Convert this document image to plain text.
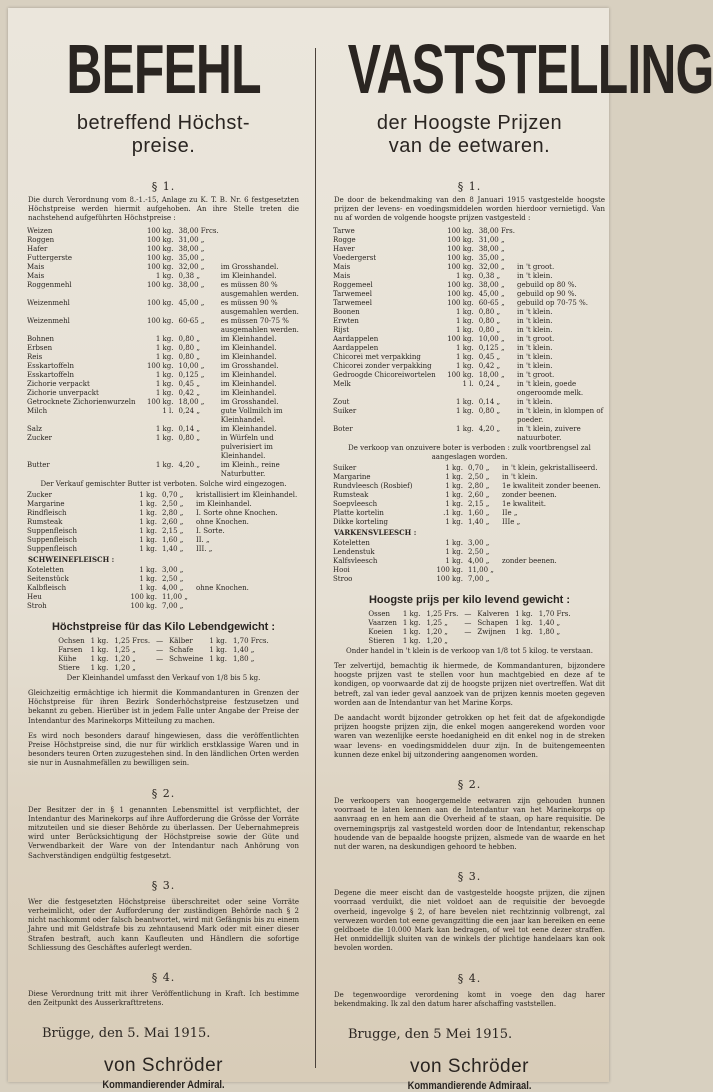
BEFEHL
betreffend Höchst-
preise.
§ 1.
Die durch Verordnung vom 8.-1.-15, Anlage zu K. T. B. Nr. 6 festgesetzten Höchstpreise werden hiermit aufgehoben. An ihre Stelle treten die nachstehend aufgeführten Höchstpreise :
Weizen	100 kg.	38,00 Frcs.	
Roggen	100 kg.	31,00 „	
Hafer	100 kg.	38,00 „	
Futtergerste	100 kg.	35,00 „	
Mais	100 kg.	32,00 „	im Grosshandel.
Mais	1 kg.	0,38 „	im Kleinhandel.
Roggenmehl	100 kg.	38,00 „	es müssen 80 % ausgemahlen werden.
Weizenmehl	100 kg.	45,00 „	es müssen 90 % ausgemahlen werden.
Weizenmehl	100 kg.	60-65 „	es müssen 70-75 % ausgemahlen werden.
Bohnen	1 kg.	0,80 „	im Kleinhandel.
Erbsen	1 kg.	0,80 „	im Kleinhandel.
Reis	1 kg.	0,80 „	im Kleinhandel.
Esskartoffeln	100 kg.	10,00 „	im Grosshandel.
Esskartoffeln	1 kg.	0,125 „	im Kleinhandel.
Zichorie verpackt	1 kg.	0,45 „	im Kleinhandel.
Zichorie unverpackt	1 kg.	0,42 „	im Kleinhandel.
Getrocknete Zichorienwurzeln	100 kg.	18,00 „	im Grosshandel.
Milch	1 l.	0,24 „	gute Vollmilch im Kleinhandel.
Salz	1 kg.	0,14 „	im Kleinhandel.
Zucker	1 kg.	0,80 „	in Würfeln und pulverisiert im Kleinhandel.
Butter	1 kg.	4,20 „	im Kleinh., reine Naturbutter.
Der Verkauf gemischter Butter ist verboten. Solche wird eingezogen.
Zucker	1 kg.	0,70 „	kristallisiert im Kleinhandel.
Margarine	1 kg.	2,50 „	im Kleinhandel.
Rindfleisch	1 kg.	2,80 „	I. Sorte ohne Knochen.
Rumsteak	1 kg.	2,60 „	ohne Knochen.
Suppenfleisch	1 kg.	2,15 „	I. Sorte.
Suppenfleisch	1 kg.	1,60 „	II. „
Suppenfleisch	1 kg.	1,40 „	III. „
SCHWEINEFLEISCH :
Koteletten	1 kg.	3,00 „	
Seitenstück	1 kg.	2,50 „	
Kalbfleisch	1 kg.	4,00 „	ohne Knochen.
Heu	100 kg.	11,00 „	
Stroh	100 kg.	7,00 „	
Höchstpreise für das Kilo Lebendgewicht :
Ochsen	1 kg.	1,25 Frcs.	—	Kälber	1 kg.	1,70 Frcs.
Farsen	1 kg.	1,25 „	—	Schafe	1 kg.	1,40 „
Kühe	1 kg.	1,20 „	—	Schweine	1 kg.	1,80 „
Stiere	1 kg.	1,20 „				
Der Kleinhandel umfasst den Verkauf von 1/8 bis 5 kg.
Gleichzeitig ermächtige ich hiermit die Kommandanturen in Grenzen der Höchstpreise für ihren Bezirk Sonderhöchstpreise festzusetzen und bekannt zu geben. Hierüber ist in jedem Falle unter Angabe der Preise der Intendantur des Marinekorps Mitteilung zu machen.
Es wird noch besonders darauf hingewiesen, dass die veröffentlichten Preise Höchstpreise sind, die nur für wirklich erstklassige Waren und in besonders teuren Orten zuzugestehen sind. In den ländlichen Orten werden sie nur in Ausnahmefällen zu bewilligen sein.
§ 2.
Der Besitzer der in § 1 genannten Lebensmittel ist verpflichtet, der Intendantur des Marinekorps auf ihre Aufforderung die Grösse der Vorräte mitzuteilen und sie dieser Behörde zu überlassen. Der Uebernahmepreis wird unter Berücksichtigung der Höchstpreise sowie der Güte und Verwendbarkeit der Ware von der Intendantur nach Anhörung von Sachverständigen endgültig festgesetzt.
§ 3.
Wer die festgesetzten Höchstpreise überschreitet oder seine Vorräte verheimlicht, oder der Aufforderung der zuständigen Behörde nach § 2 nicht nachkommt oder falsch beantwortet, wird mit Gefängnis bis zu einem Jahre und mit Geldstrafe bis zu zehntausend Mark oder mit einer dieser Strafen bestraft, auch kann Kaufleuten und Händlern die sofortige Schliessung des Geschäftes auferlegt werden.
§ 4.
Diese Verordnung tritt mit ihrer Veröffentlichung in Kraft. Ich bestimme den Zeitpunkt des Ausserkrafttretens.
Brügge, den 5. Mai 1915.
von Schröder
Kommandierender Admiral.
VASTSTELLING
der Hoogste Prijzen
van de eetwaren.
§ 1.
De door de bekendmaking van den 8 Januari 1915 vastgestelde hoogste prijzen der levens- en voedingsmiddelen worden hierdoor vernietigd. Van nu af worden de volgende hoogste prijzen vastgesteld :
Tarwe	100 kg.	38,00 Frs.	
Rogge	100 kg.	31,00 „	
Haver	100 kg.	38,00 „	
Voedergerst	100 kg.	35,00 „	
Mais	100 kg.	32,00 „	in 't groot.
Mais	1 kg.	0,38 „	in 't klein.
Roggemeel	100 kg.	38,00 „	gebuild op 80 %.
Tarwemeel	100 kg.	45,00 „	gebuild op 90 %.
Tarwemeel	100 kg.	60-65 „	gebuild op 70-75 %.
Boonen	1 kg.	0,80 „	in 't klein.
Erwten	1 kg.	0,80 „	in 't klein.
Rijst	1 kg.	0,80 „	in 't klein.
Aardappelen	100 kg.	10,00 „	in 't groot.
Aardappelen	1 kg.	0,125 „	in 't klein.
Chicorei met verpakking	1 kg.	0,45 „	in 't klein.
Chicorei zonder verpakking	1 kg.	0,42 „	in 't klein.
Gedroogde Chicoreiwortelen	100 kg.	18,00 „	in 't groot.
Melk	1 l.	0,24 „	in 't klein, goede ongeroomde melk.
Zout	1 kg.	0,14 „	in 't klein.
Suiker	1 kg.	0,80 „	in 't klein, in klompen of poeder.
Boter	1 kg.	4,20 „	in 't klein, zuivere natuurboter.
De verkoop van onzuivere boter is verboden : zulk voortbrengsel zal aangeslagen worden.
Suiker	1 kg.	0,70 „	in 't klein, gekristalliseerd.
Margarine	1 kg.	2,50 „	in 't klein.
Rundvleesch (Rosbief)	1 kg.	2,80 „	1e kwaliteit zonder beenen.
Rumsteak	1 kg.	2,60 „	zonder beenen.
Soepvleesch	1 kg.	2,15 „	1e kwaliteit.
Platte kortelin	.1 kg.	1,60 „	IIe „
Dikke korteling	1 kg.	1,40 „	IIIe „
VARKENSVLEESCH :
Koteletten	1 kg.	3,00 „	
Lendenstuk	1 kg.	2,50 „	
Kalfsvleesch	1 kg.	4,00 „	zonder beenen.
Hooi	100 kg.	11,00 „	
Stroo	100 kg.	7,00 „	
Hoogste prijs per kilo levend gewicht :
Ossen	1 kg.	1,25 Frs.	—	Kalveren	1 kg.	1,70 Frs.
Vaarzen	1 kg.	1,25 „	—	Schapen	1 kg.	1,40 „
Koeien	1 kg.	1,20 „	—	Zwijnen	1 kg.	1,80 „
Stieren	1 kg.	1,20 „				
Onder handel in 't klein is de verkoop van 1/8 tot 5 kilog. te verstaan.
Ter zelvertijd, bemachtig ik hiermede, de Kommandanturen, bijzondere hoogste prijzen vast te stellen voor hun machtgebied en deze af te kondigen, op voorwaarde dat zij de hoogste prijzen niet overtreffen. Wat dit betreft, zal van ieder geval aanzoek van de prijzen kennis moeten gegeven worden aan de Intendantur van het Marine Korps.
De aandacht wordt bijzonder getrokken op het feit dat de afgekondigde prijzen hoogste prijzen zijn, die enkel mogen aangerekend worden voor waren van wezenlijke eerste hoedanigheid en dit enkel nog in de streken waar levens- en voedingsmiddelen duur zijn. In de buitengemeenten kunnen deze enkel bij uitzondering aangenomen worden.
§ 2.
De verkoopers van hoogergemelde eetwaren zijn gehouden hunnen voorraad te laten kennen aan de Intendantur van het Marinekorps op aanvraag en en hem aan die Overheid af te staan, op hare requisitie. De overnemingsprijs zal vastgesteld worden door de Intendantur, rekenschap houdende van de bepaalde hoogste prijzen, alsmede van de waarde en het nut der waren, na deskundigen gehoord te hebben.
§ 3.
Degene die meer eischt dan de vastgestelde hoogste prijzen, die zijnen voorraad verduikt, die niet voldoet aan de requisitie der bevoegde overheid, ingevolge § 2, of hare bevelen niet rechtzinnig volbrengt, zal verwezen worden tot eene gevangzitting die een jaar kan bereiken en eene geldboete die 10.000 Mark kan bedragen, of wel tot eene dezer straffen. Het onmiddellijk sluiten van de winkels der plichtige handelaars kan ook bevolen worden.
§ 4.
De tegenwoordige verordening komt in voege den dag harer bekendmaking. Ik zal den datum harer afschaffing vaststellen.
Brugge, den 5 Mei 1915.
von Schröder
Kommandierende Admiraal.
